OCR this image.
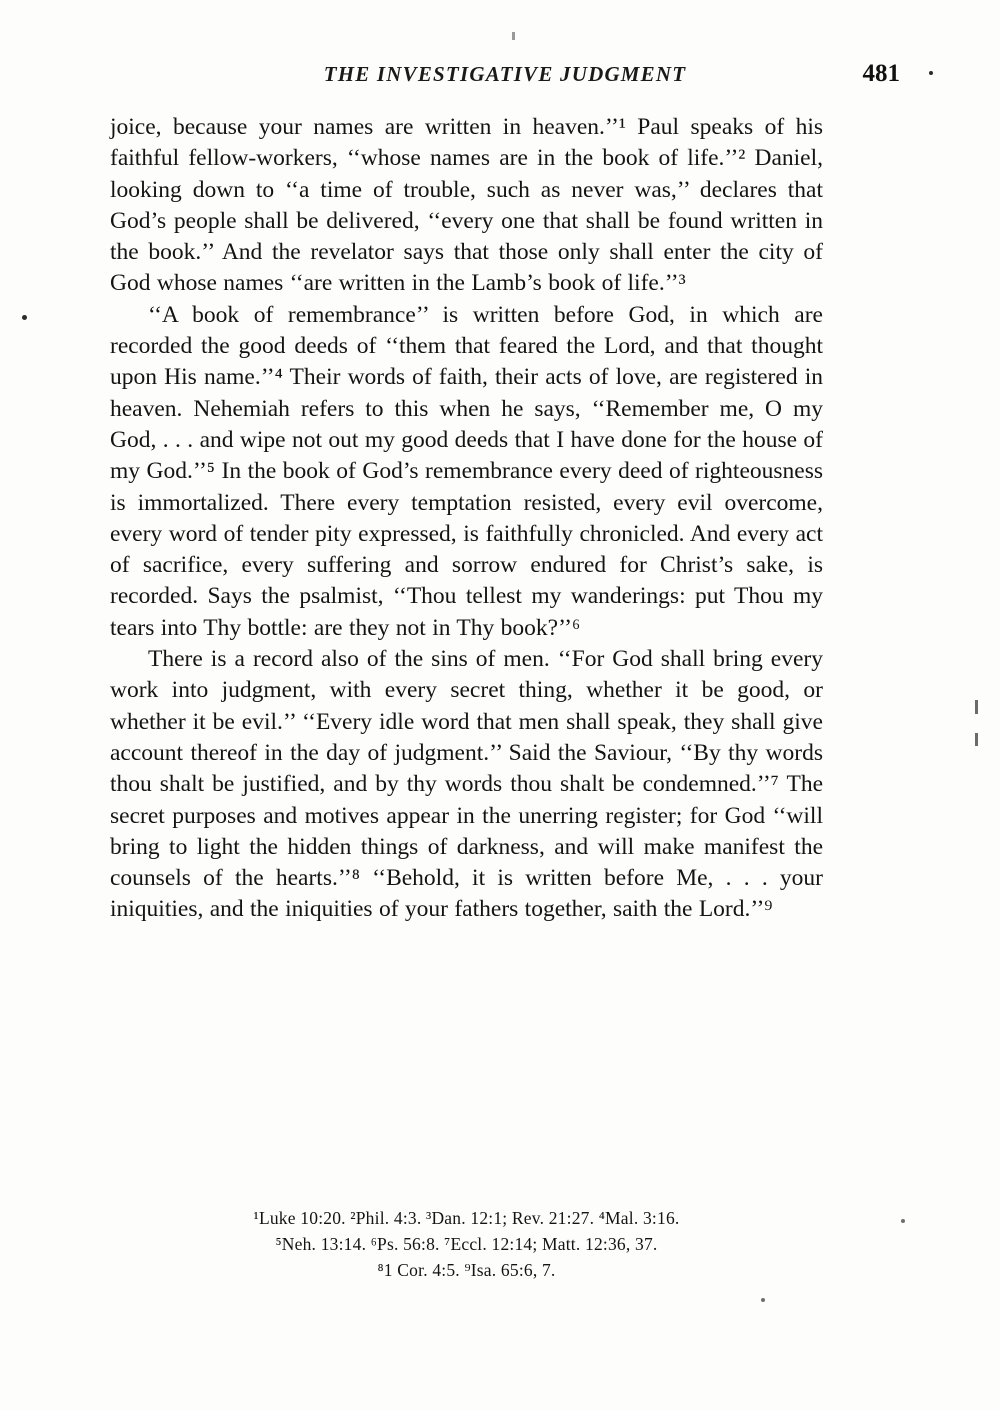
THE INVESTIGATIVE JUDGMENT	481

joice, because your names are written in heaven.’’¹ Paul speaks of his faithful fellow-workers, ‘‘whose names are in the book of life.’’² Daniel, looking down to ‘‘a time of trouble, such as never was,’’ declares that God’s people shall be delivered, ‘‘every one that shall be found written in the book.’’ And the revelator says that those only shall enter the city of God whose names ‘‘are written in the Lamb’s book of life.’’³

‘‘A book of remembrance’’ is written before God, in which are recorded the good deeds of ‘‘them that feared the Lord, and that thought upon His name.’’⁴ Their words of faith, their acts of love, are registered in heaven. Nehemiah refers to this when he says, ‘‘Remember me, O my God, . . . and wipe not out my good deeds that I have done for the house of my God.’’⁵ In the book of God’s remembrance every deed of righteousness is immortalized. There every temptation resisted, every evil overcome, every word of tender pity expressed, is faithfully chronicled. And every act of sacrifice, every suffering and sorrow endured for Christ’s sake, is recorded. Says the psalmist, ‘‘Thou tellest my wanderings: put Thou my tears into Thy bottle: are they not in Thy book?’’⁶

There is a record also of the sins of men. ‘‘For God shall bring every work into judgment, with every secret thing, whether it be good, or whether it be evil.’’ ‘‘Every idle word that men shall speak, they shall give account thereof in the day of judgment.’’ Said the Saviour, ‘‘By thy words thou shalt be justified, and by thy words thou shalt be condemned.’’⁷ The secret purposes and motives appear in the unerring register; for God ‘‘will bring to light the hidden things of darkness, and will make manifest the counsels of the hearts.’’⁸ ‘‘Behold, it is written before Me, . . . your iniquities, and the iniquities of your fathers together, saith the Lord.’’⁹

¹Luke 10:20. ²Phil. 4:3. ³Dan. 12:1; Rev. 21:27. ⁴Mal. 3:16.
⁵Neh. 13:14. ⁶Ps. 56:8. ⁷Eccl. 12:14; Matt. 12:36, 37.
⁸1 Cor. 4:5. ⁹Isa. 65:6, 7.
